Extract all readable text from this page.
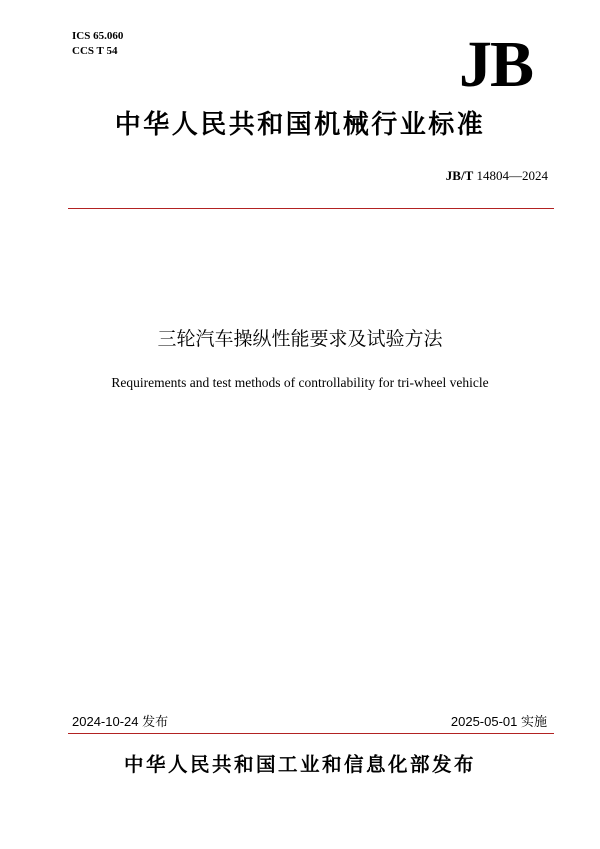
ICS 65.060
CCS T 54	JB
中华人民共和国机械行业标准
JB/T 14804—2024
三轮汽车操纵性能要求及试验方法
Requirements and test methods of controllability for tri-wheel vehicle
2024-10-24 发布	2025-05-01 实施
中华人民共和国工业和信息化部发布
